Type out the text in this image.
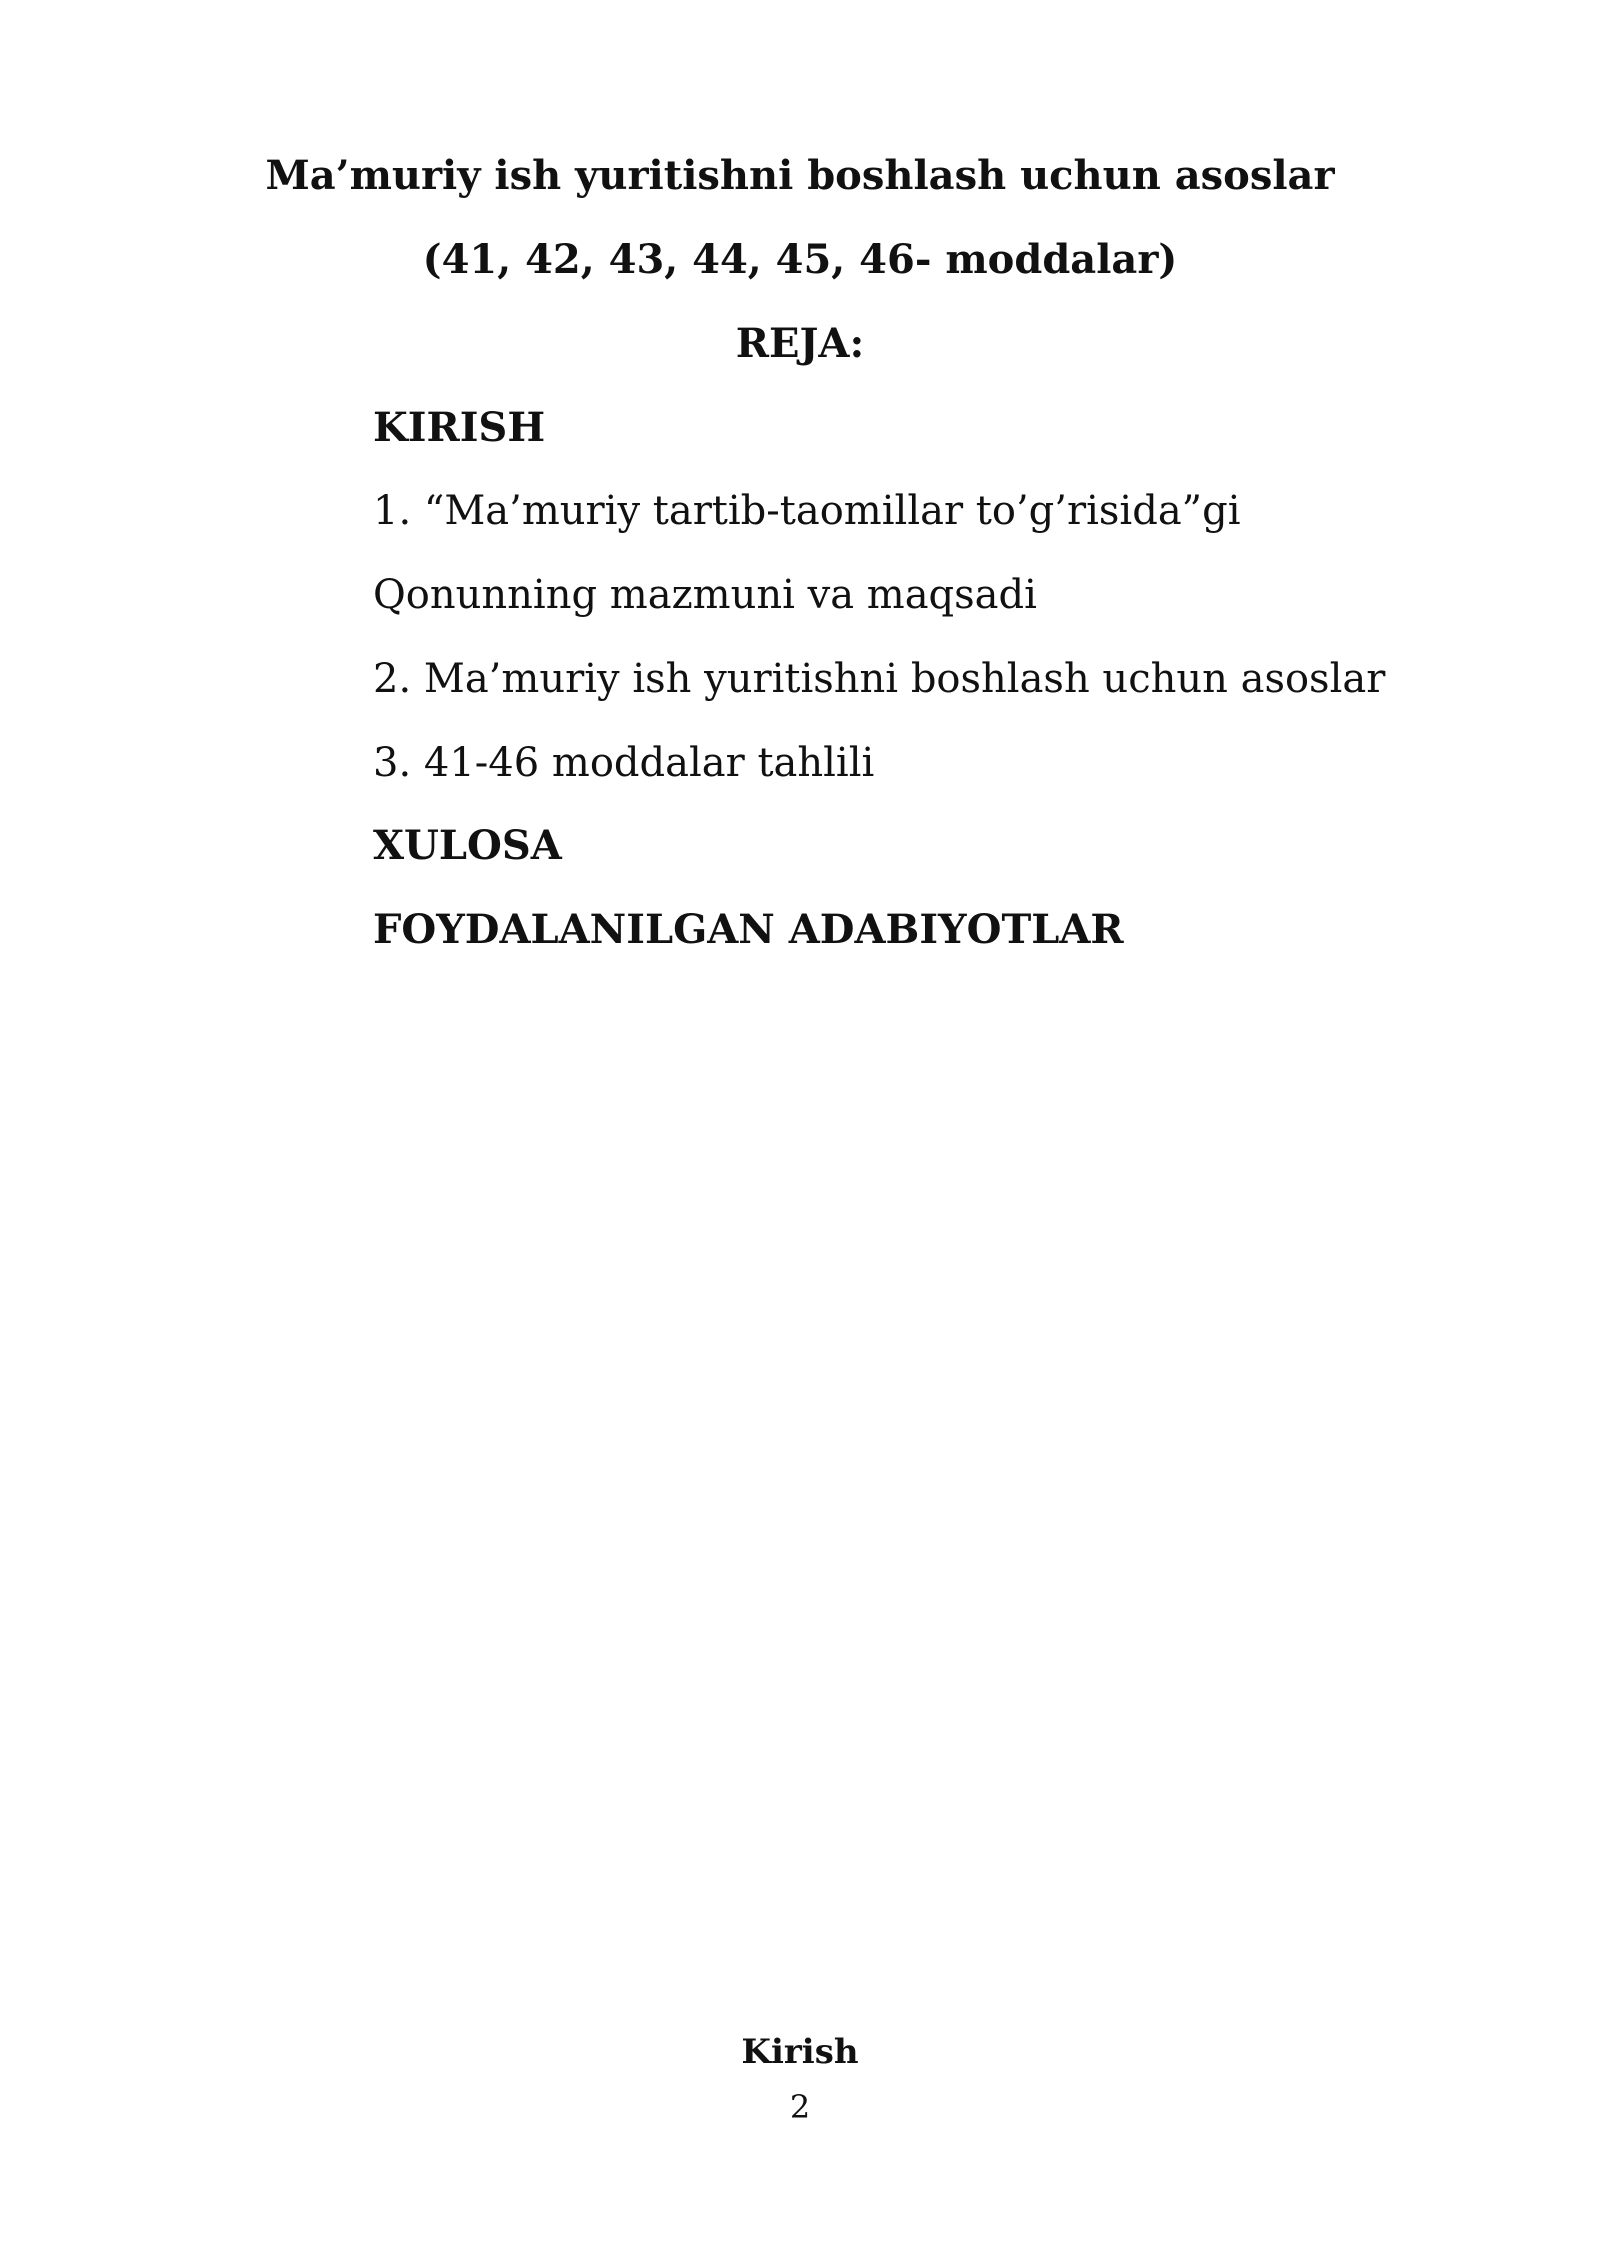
Ma’muriy ish yuritishni boshlash uchun asoslar
(41, 42, 43, 44, 45, 46- moddalar)
REJA:
KIRISH
1. “Ma’muriy tartib-taomillar to’g’risida”gi
Qonunning mazmuni va maqsadi
2. Ma’muriy ish yuritishni boshlash uchun asoslar
3. 41-46 moddalar tahlili
XULOSA
FOYDALANILGAN ADABIYOTLAR
Kirish
2
